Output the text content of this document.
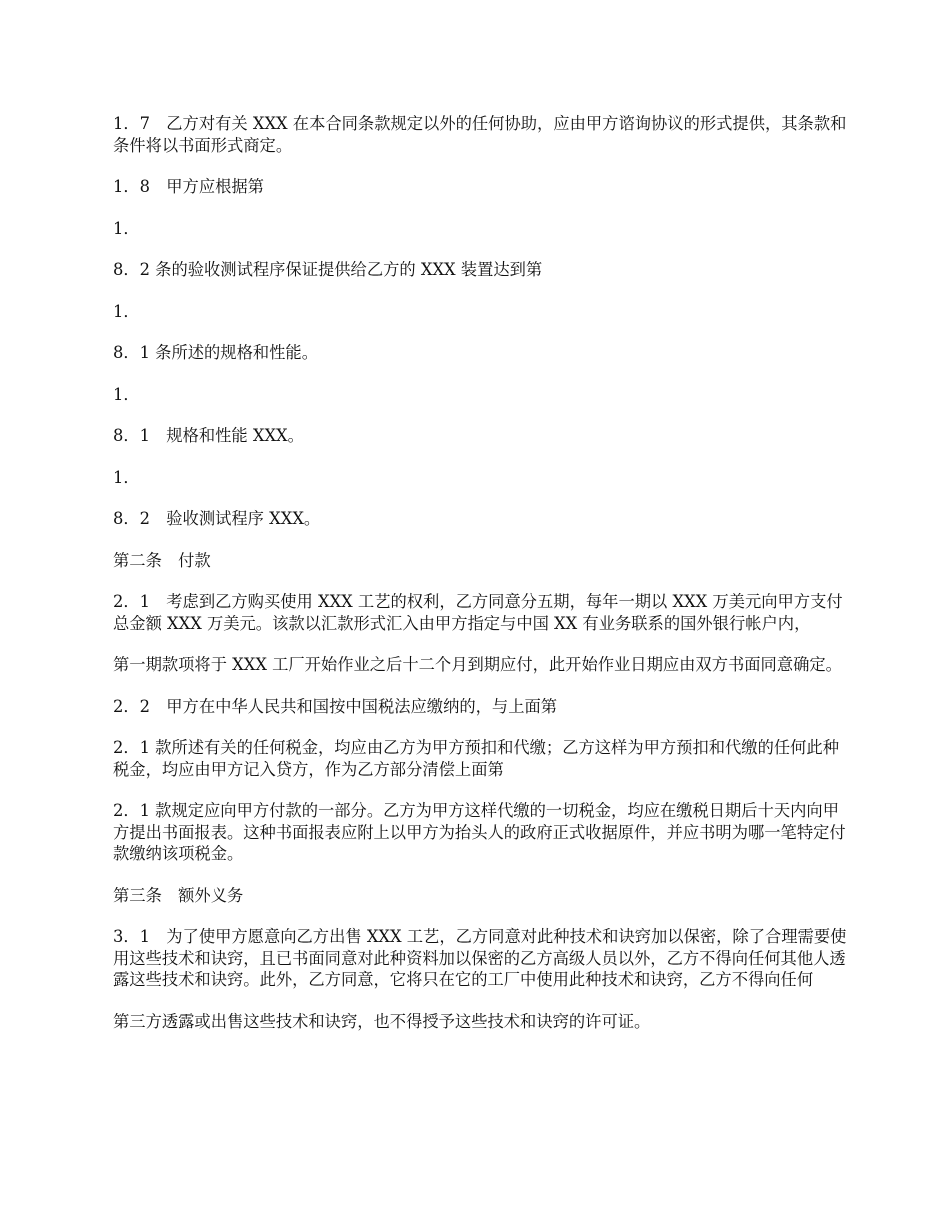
1．7　乙方对有关 XXX 在本合同条款规定以外的任何协助，应由甲方谘询协议的形式提供，其条款和条件将以书面形式商定。

1．8　甲方应根据第

1．

8．2 条的验收测试程序保证提供给乙方的 XXX 装置达到第

1．

8．1 条所述的规格和性能。

1．

8．1　规格和性能 XXX。

1．

8．2　验收测试程序 XXX。

第二条　付款

2．1　考虑到乙方购买使用 XXX 工艺的权利，乙方同意分五期，每年一期以 XXX 万美元向甲方支付总金额 XXX 万美元。该款以汇款形式汇入由甲方指定与中国 XX 有业务联系的国外银行帐户内，

第一期款项将于 XXX 工厂开始作业之后十二个月到期应付，此开始作业日期应由双方书面同意确定。

2．2　甲方在中华人民共和国按中国税法应缴纳的，与上面第

2．1 款所述有关的任何税金，均应由乙方为甲方预扣和代缴；乙方这样为甲方预扣和代缴的任何此种税金，均应由甲方记入贷方，作为乙方部分清偿上面第

2．1 款规定应向甲方付款的一部分。乙方为甲方这样代缴的一切税金，均应在缴税日期后十天内向甲方提出书面报表。这种书面报表应附上以甲方为抬头人的政府正式收据原件，并应书明为哪一笔特定付款缴纳该项税金。

第三条　额外义务

3．1　为了使甲方愿意向乙方出售 XXX 工艺，乙方同意对此种技术和诀窍加以保密，除了合理需要使用这些技术和诀窍，且已书面同意对此种资料加以保密的乙方高级人员以外，乙方不得向任何其他人透露这些技术和诀窍。此外，乙方同意，它将只在它的工厂中使用此种技术和诀窍，乙方不得向任何

第三方透露或出售这些技术和诀窍，也不得授予这些技术和诀窍的许可证。
